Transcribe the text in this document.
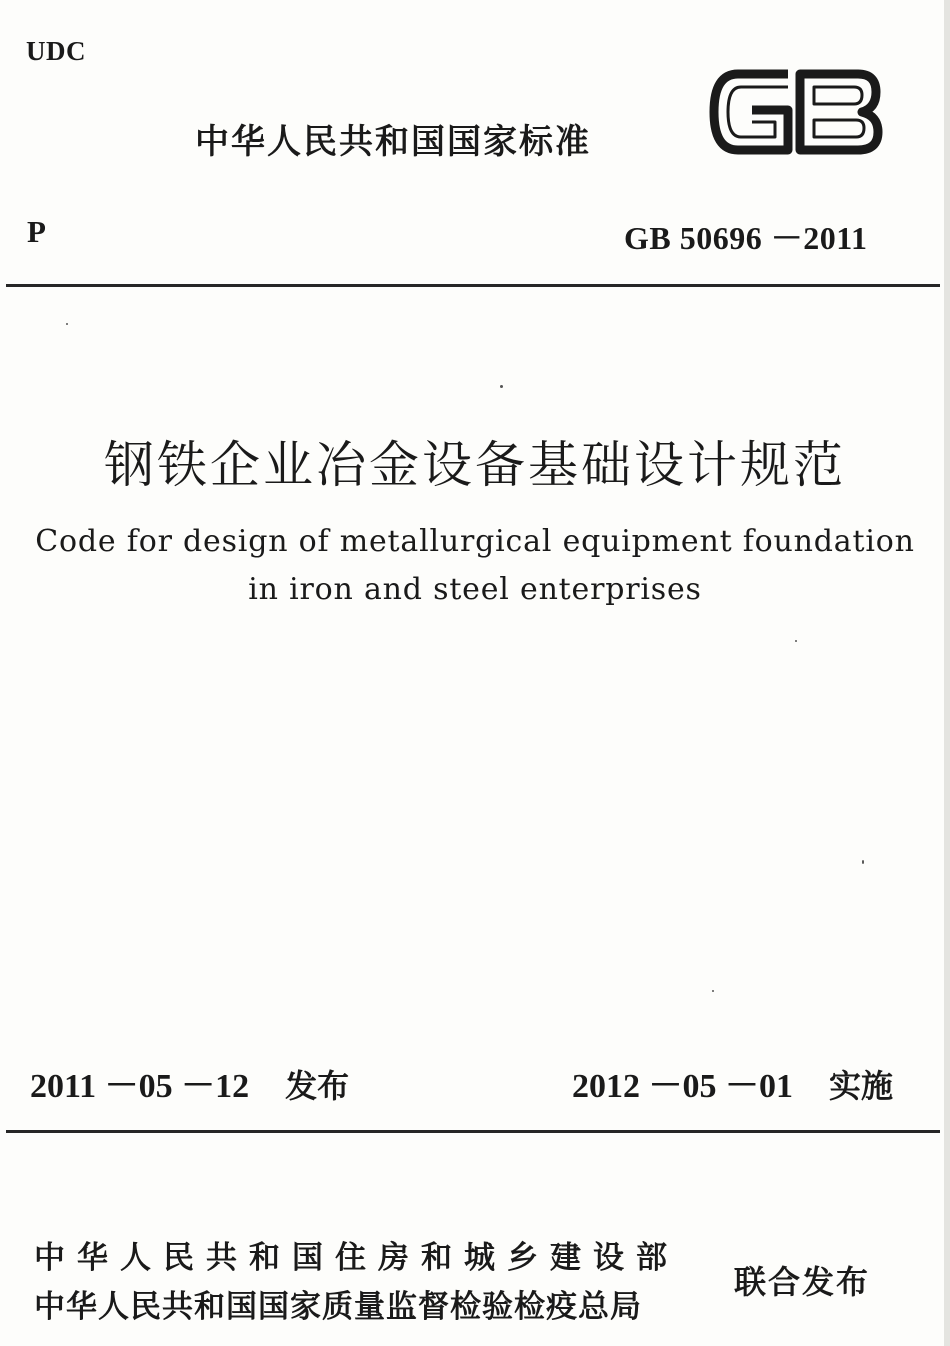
UDC
中华人民共和国国家标准
P	GB 50696 －2011
钢铁企业冶金设备基础设计规范
Code for design of metallurgical equipment foundation
in iron and steel enterprises
2011 －05 －12 发布	2012 －05 －01 实施
中华人民共和国住房和城乡建设部
中华人民共和国国家质量监督检验检疫总局
联合发布
